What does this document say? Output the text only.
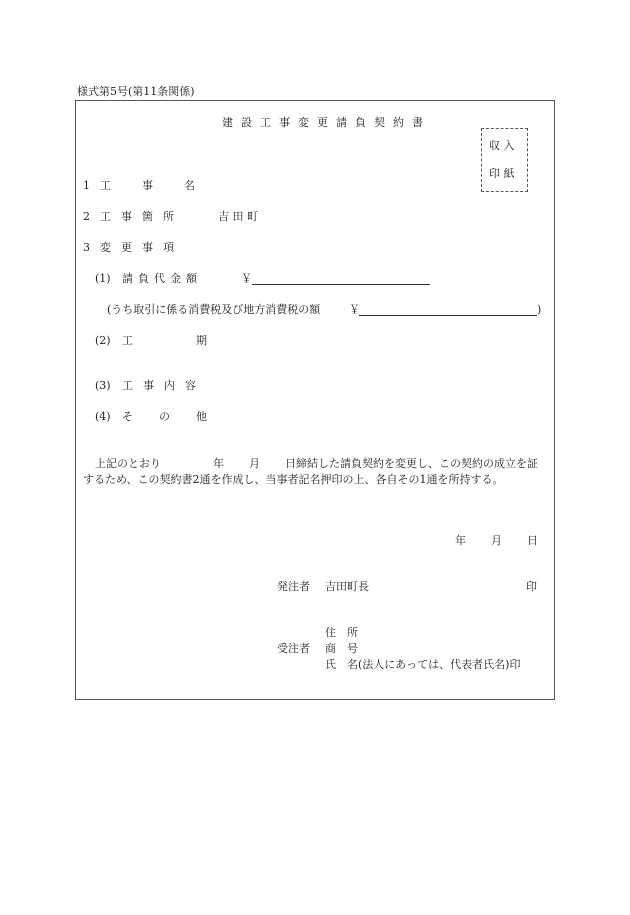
様式第5号(第11条関係)
建設工事変更請負契約書
収 入
印 紙
1 工　事　名
2 工事箇所	吉 田 町
3 変更事項
(1) 請負代金額	￥
(うち取引に係る消費税及び地方消費税の額	￥	)
(2) 工	期
(3) 工事内容
(4) そ の 他
上記のとおり	年 月 日締結した請負契約を変更し、この契約の成立を証
するため、この契約書2通を作成し、当事者記名押印の上、各自その1通を所持する。
年 月 日
発注者 吉田町長	印
住　所
受注者 商　号
氏　名(法人にあっては、代表者氏名)印
